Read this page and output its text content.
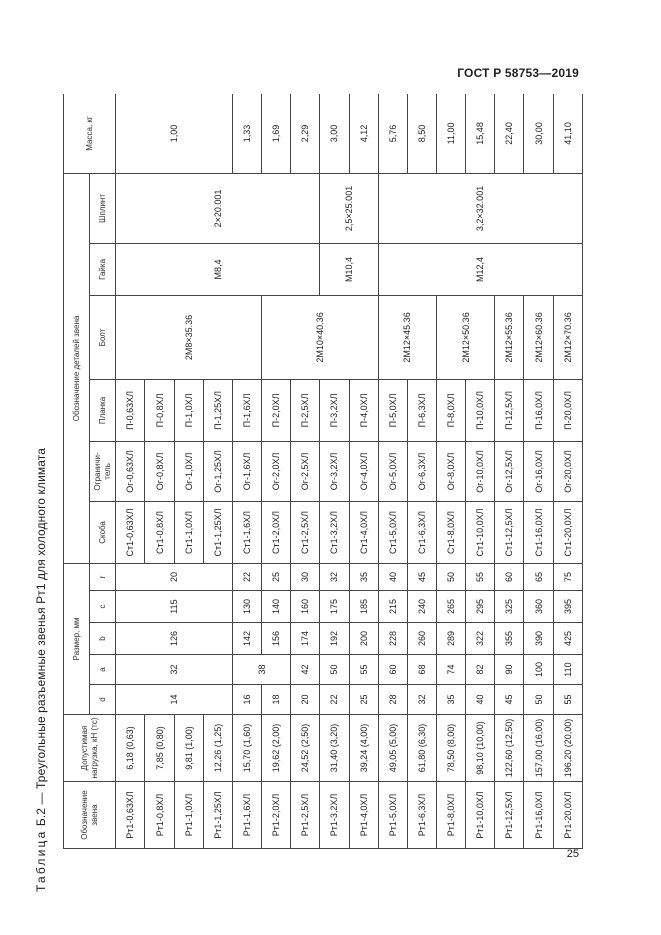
ГОСТ Р 58753—2019
Таблица Б.2 — Треугольные разъемные звенья Рт1 для холодного климата
Обозначение звена	Допустимая нагрузка, кН (тс)	Размер, мм					Обозначение деталей звена						Масса, кг
		d	a	b	c	r	Скоба	Ограничи- тель	Планка	Болт	Гайка	Шплинт	
Рт1-0,63ХЛ	6,18 (0,63)	14	32	126	115	20	Ст1-0,63ХЛ	Ог-0,63ХЛ	П-0,63ХЛ	2М8×35.36	М8,4	2×20.001	1,00
Рт1-0,8ХЛ	7,85 (0,80)						Ст1-0,8ХЛ	Ог-0,8ХЛ	П-0,8ХЛ				
Рт1-1,0ХЛ	9,81 (1,00)						Ст1-1,0ХЛ	Ог-1,0ХЛ	П-1,0ХЛ				
Рт1-1,25ХЛ	12,26 (1,25)						Ст1-1,25ХЛ	Ог-1,25ХЛ	П-1,25ХЛ				
Рт1-1,6ХЛ	15,70 (1,60)	16	38	142	130	22	Ст1-1,6ХЛ	Ог-1,6ХЛ	П-1,6ХЛ				1,33
Рт1-2,0ХЛ	19,62 (2,00)	18		156	140	25	Ст1-2,0ХЛ	Ог-2,0ХЛ	П-2,0ХЛ	2М10×40.36			1,69
Рт1-2,5ХЛ	24,52 (2,50)	20	42	174	160	30	Ст1-2,5ХЛ	Ог-2,5ХЛ	П-2,5ХЛ				2,29
Рт1-3,2ХЛ	31,40 (3,20)	22	50	192	175	32	Ст1-3,2ХЛ	Ог-3,2ХЛ	П-3,2ХЛ		М10,4	2,5×25.001	3,00
Рт1-4,0ХЛ	39,24 (4,00)	25	55	200	185	35	Ст1-4,0ХЛ	Ог-4,0ХЛ	П-4,0ХЛ				4,12
Рт1-5,0ХЛ	49,05 (5,00)	28	60	228	215	40	Ст1-5,0ХЛ	Ог-5,0ХЛ	П-5,0ХЛ	2М12×45.36	М12,4	3,2×32.001	5,76
Рт1-6,3ХЛ	61,80 (6,30)	32	68	260	240	45	Ст1-6,3ХЛ	Ог-6,3ХЛ	П-6,3ХЛ				8,50
Рт1-8,0ХЛ	78,50 (8,00)	35	74	289	265	50	Ст1-8,0ХЛ	Ог-8,0ХЛ	П-8,0ХЛ	2М12×50.36			11,00
Рт1-10,0ХЛ	98,10 (10,00)	40	82	322	295	55	Ст1-10,0ХЛ	Ог-10,0ХЛ	П-10,0ХЛ				15,48
Рт1-12,5ХЛ	122,60 (12,50)	45	90	355	325	60	Ст1-12,5ХЛ	Ог-12,5ХЛ	П-12,5ХЛ	2М12×55.36			22,40
Рт1-16,0ХЛ	157,00 (16,00)	50	100	390	360	65	Ст1-16,0ХЛ	Ог-16,0ХЛ	П-16,0ХЛ	2М12×60.36			30,00
Рт1-20,0ХЛ	196,20 (20,00)	55	110	425	395	75	Ст1-20,0ХЛ	Ог-20,0ХЛ	П-20,0ХЛ	2М12×70.36			41,10
25
